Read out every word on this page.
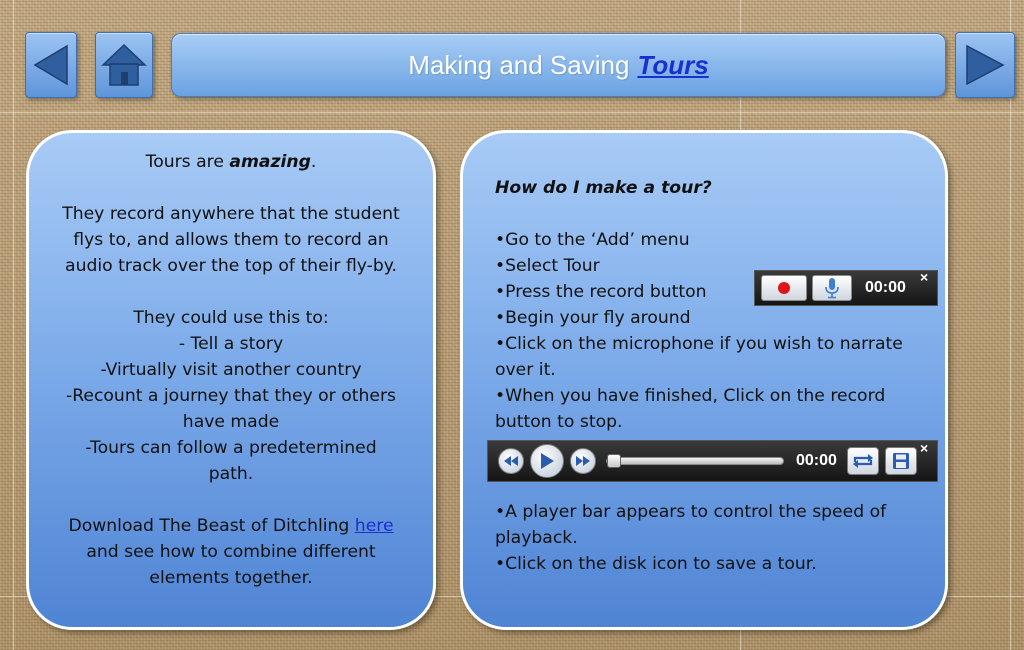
Making and Saving Tours

Tours are amazing.

They record anywhere that the student flys to, and allows them to record an audio track over the top of their fly-by.

They could use this to:

- Tell a story

-Virtually visit another country

-Recount a journey that they or others have made

-Tours can follow a predetermined path.

Download The Beast of Ditchling here

and see how to combine different elements together.

How do I make a tour?

•Go to the ‘Add’ menu

•Select Tour

•Press the record button

•Begin your fly around

•Click on the microphone if you wish to narrate over it.

•When you have finished, Click on the record button to stop.

•A player bar appears to control the speed of playback.

•Click on the disk icon to save a tour.

00:00
×
00:00
×
